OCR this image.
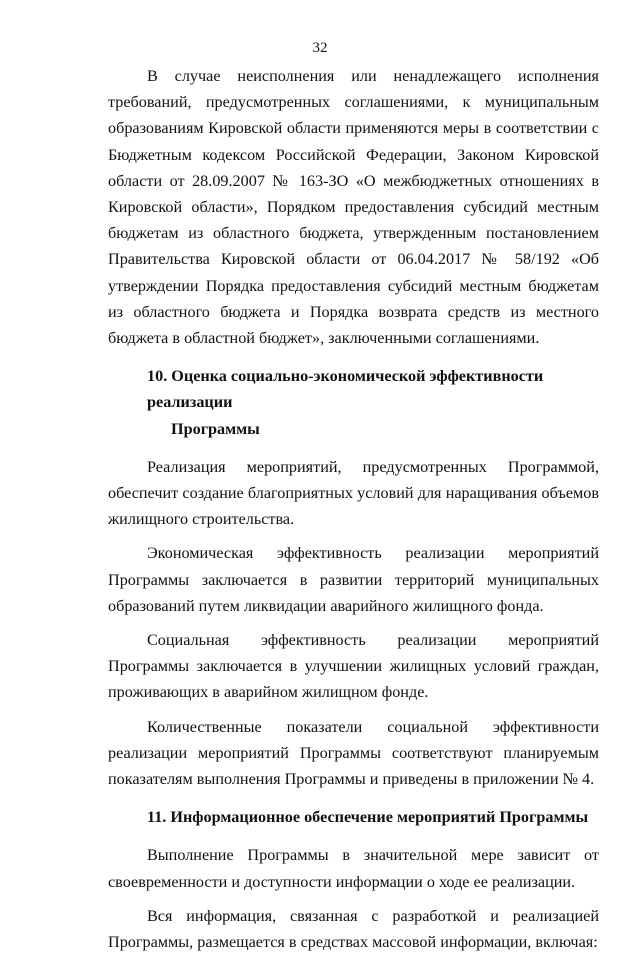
32

В случае неисполнения или ненадлежащего исполнения требований, предусмотренных соглашениями, к муниципальным образованиям Кировской области применяются меры в соответствии с Бюджетным кодексом Российской Федерации, Законом Кировской области от 28.09.2007 № 163-ЗО «О межбюджетных отношениях в Кировской области», Порядком предоставления субсидий местным бюджетам из областного бюджета, утвержденным постановлением Правительства Кировской области от 06.04.2017 № 58/192 «Об утверждении Порядка предоставления субсидий местным бюджетам из областного бюджета и Порядка возврата средств из местного бюджета в областной бюджет», заключенными соглашениями.

10. Оценка социально-экономической эффективности реализации
Программы

Реализация мероприятий, предусмотренных Программой, обеспечит создание благоприятных условий для наращивания объемов жилищного строительства.

Экономическая эффективность реализации мероприятий Программы заключается в развитии территорий муниципальных образований путем ликвидации аварийного жилищного фонда.

Социальная эффективность реализации мероприятий Программы заключается в улучшении жилищных условий граждан, проживающих в аварийном жилищном фонде.

Количественные показатели социальной эффективности реализации мероприятий Программы соответствуют планируемым показателям выполнения Программы и приведены в приложении № 4.

11. Информационное обеспечение мероприятий Программы

Выполнение Программы в значительной мере зависит от своевременности и доступности информации о ходе ее реализации.

Вся информация, связанная с разработкой и реализацией Программы, размещается в средствах массовой информации, включая:
